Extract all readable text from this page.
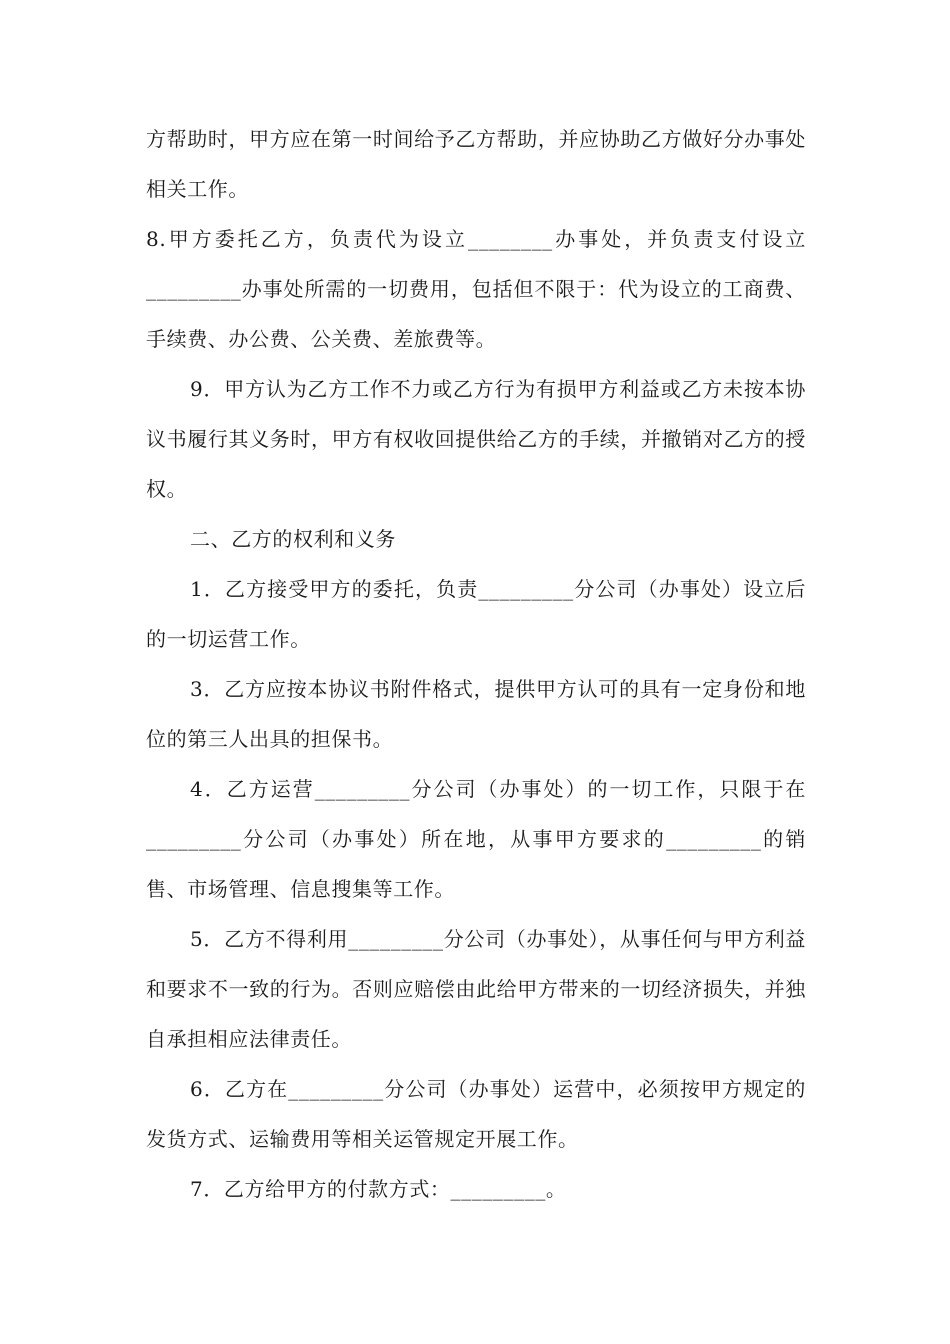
方帮助时，甲方应在第一时间给予乙方帮助，并应协助乙方做好分办事处相关工作。

8.甲方委托乙方，负责代为设立________办事处，并负责支付设立_________办事处所需的一切费用，包括但不限于：代为设立的工商费、手续费、办公费、公关费、差旅费等。

9．甲方认为乙方工作不力或乙方行为有损甲方利益或乙方未按本协议书履行其义务时，甲方有权收回提供给乙方的手续，并撤销对乙方的授权。

二、乙方的权利和义务

1．乙方接受甲方的委托，负责_________分公司（办事处）设立后的一切运营工作。

3．乙方应按本协议书附件格式，提供甲方认可的具有一定身份和地位的第三人出具的担保书。

4．乙方运营_________分公司（办事处）的一切工作，只限于在_________分公司（办事处）所在地，从事甲方要求的_________的销售、市场管理、信息搜集等工作。

5．乙方不得利用_________分公司（办事处），从事任何与甲方利益和要求不一致的行为。否则应赔偿由此给甲方带来的一切经济损失，并独自承担相应法律责任。

6．乙方在_________分公司（办事处）运营中，必须按甲方规定的发货方式、运输费用等相关运管规定开展工作。

7．乙方给甲方的付款方式：_________。
